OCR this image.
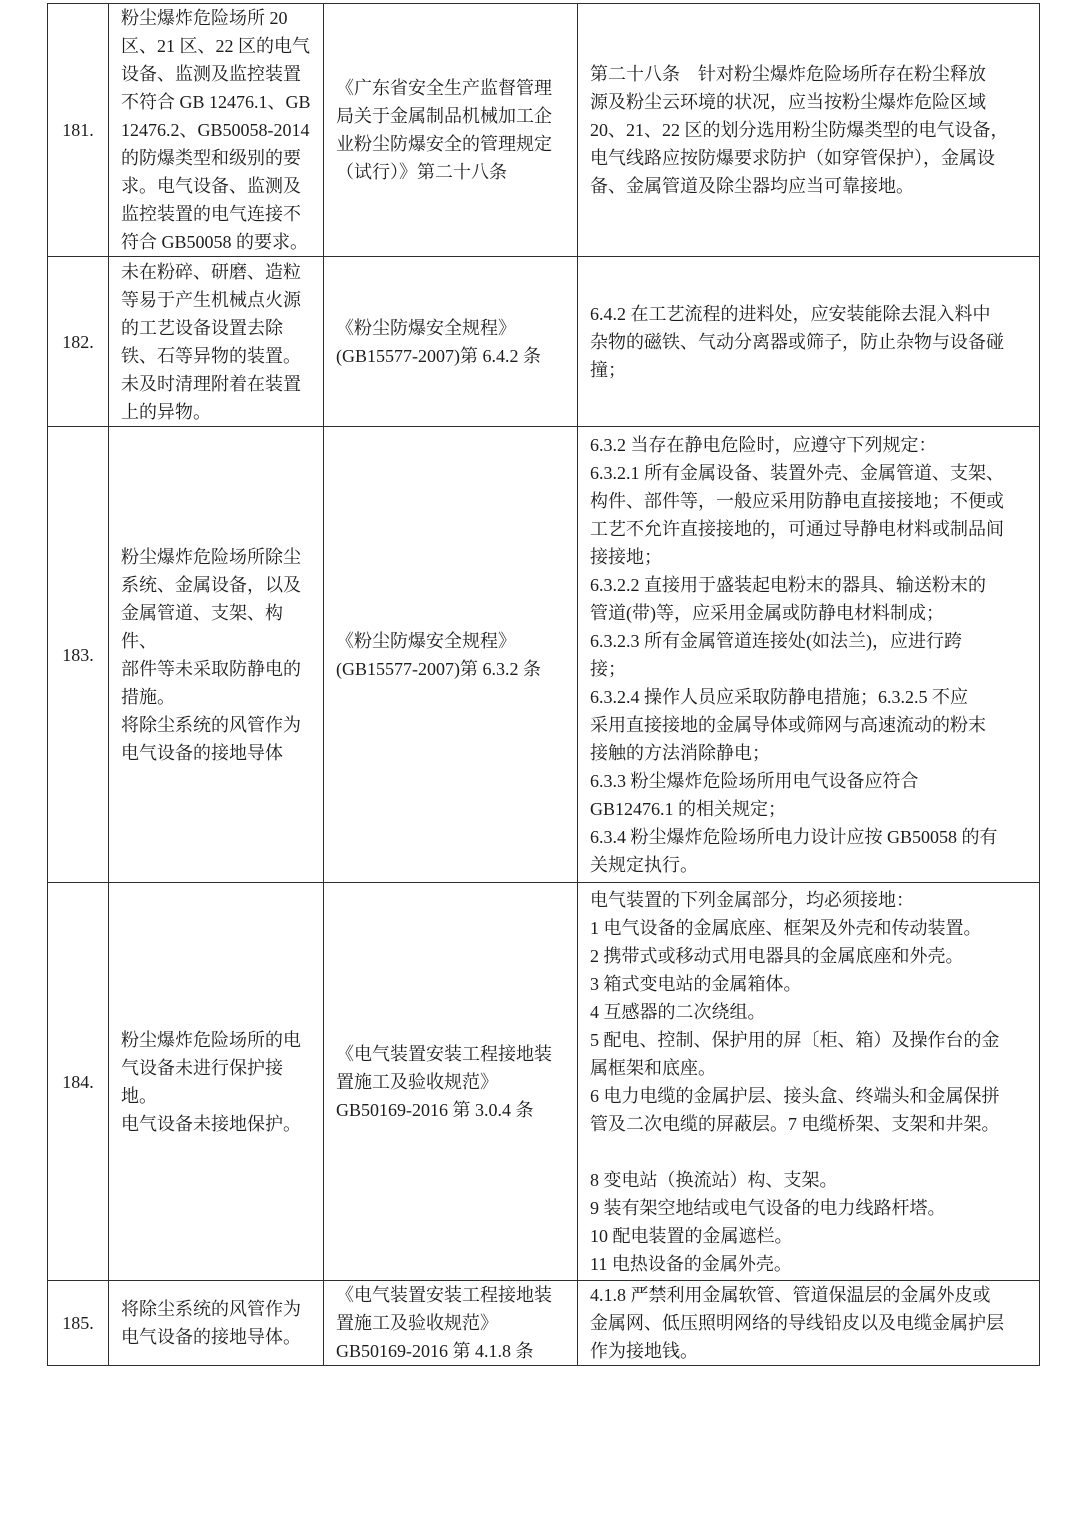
181.	粉尘爆炸危险场所 20
区、21 区、22 区的电气
设备、监测及监控装置
不符合 GB 12476.1、GB
12476.2、GB50058-2014
的防爆类型和级别的要
求。电气设备、监测及
监控装置的电气连接不
符合 GB50058 的要求。	《广东省安全生产监督管理
局关于金属制品机械加工企
业粉尘防爆安全的管理规定
（试行）》第二十八条	第二十八条　针对粉尘爆炸危险场所存在粉尘释放
源及粉尘云环境的状况，应当按粉尘爆炸危险区域
20、21、22 区的划分选用粉尘防爆类型的电气设备，
电气线路应按防爆要求防护（如穿管保护），金属设
备、金属管道及除尘器均应当可靠接地。
182.	未在粉碎、研磨、造粒
等易于产生机械点火源
的工艺设备设置去除
铁、石等异物的装置。
未及时清理附着在装置
上的异物。	《粉尘防爆安全规程》
(GB15577-2007)第 6.4.2 条	6.4.2 在工艺流程的进料处，应安装能除去混入料中
杂物的磁铁、气动分离器或筛子，防止杂物与设备碰
撞；
183.	粉尘爆炸危险场所除尘
系统、金属设备，以及
金属管道、支架、构件、
部件等未采取防静电的
措施。
将除尘系统的风管作为
电气设备的接地导体	《粉尘防爆安全规程》
(GB15577-2007)第 6.3.2 条	6.3.2 当存在静电危险时，应遵守下列规定：
6.3.2.1 所有金属设备、装置外壳、金属管道、支架、
构件、部件等，一般应采用防静电直接接地；不便或
工艺不允许直接接地的，可通过导静电材料或制品间
接接地；
6.3.2.2 直接用于盛装起电粉末的器具、输送粉末的
管道(带)等，应采用金属或防静电材料制成；
6.3.2.3 所有金属管道连接处(如法兰)，应进行跨
接；
6.3.2.4 操作人员应采取防静电措施；6.3.2.5 不应
采用直接接地的金属导体或筛网与高速流动的粉末
接触的方法消除静电；
6.3.3 粉尘爆炸危险场所用电气设备应符合
GB12476.1 的相关规定；
6.3.4 粉尘爆炸危险场所电力设计应按 GB50058 的有
关规定执行。
184.	粉尘爆炸危险场所的电
气设备未进行保护接
地。
电气设备未接地保护。	《电气装置安装工程接地装
置施工及验收规范》
GB50169-2016 第 3.0.4 条	电气装置的下列金属部分，均必须接地：
1 电气设备的金属底座、框架及外壳和传动装置。
2 携带式或移动式用电器具的金属底座和外壳。
3 箱式变电站的金属箱体。
4 互感器的二次绕组。
5 配电、控制、保护用的屏〔柜、箱）及操作台的金
属框架和底座。
6 电力电缆的金属护层、接头盒、终端头和金属保拼
管及二次电缆的屏蔽层。7 电缆桥架、支架和井架。

8 变电站（换流站）构、支架。
9 装有架空地结或电气设备的电力线路杆塔。
10 配电装置的金属遮栏。
11 电热设备的金属外壳。
185.	将除尘系统的风管作为
电气设备的接地导体。	《电气装置安装工程接地装
置施工及验收规范》
GB50169-2016 第 4.1.8 条	4.1.8 严禁利用金属软管、管道保温层的金属外皮或
金属网、低压照明网络的导线铅皮以及电缆金属护层
作为接地钱。
